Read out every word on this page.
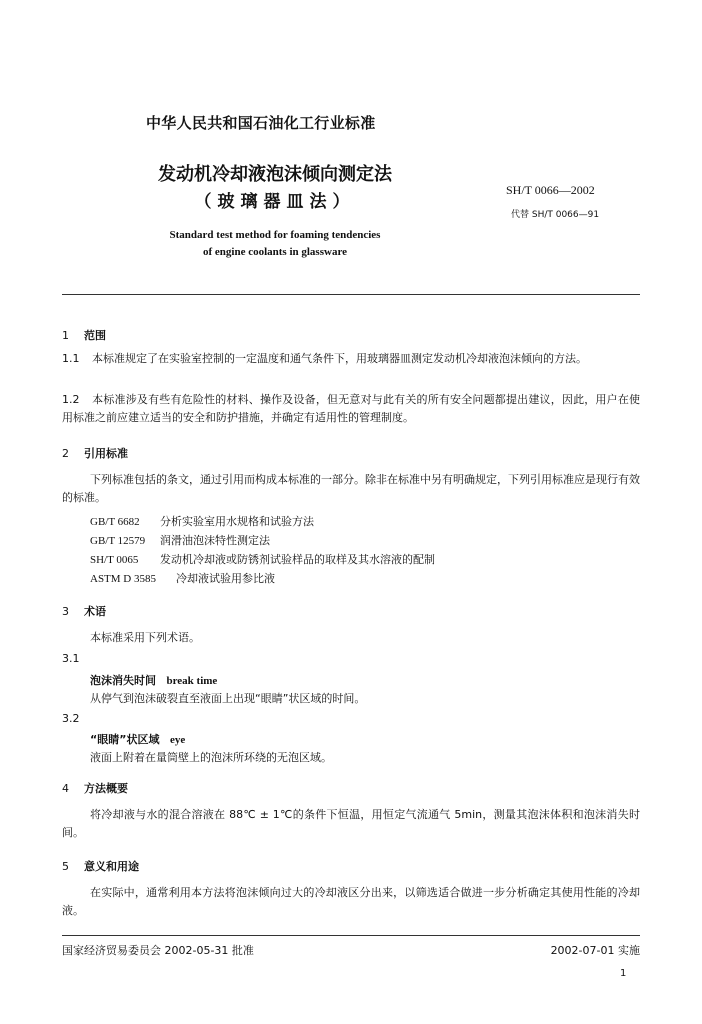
中华人民共和国石油化工行业标准
发动机冷却液泡沫倾向测定法
（玻璃器皿法）
SH/T 0066—2002
代替 SH/T 0066—91
Standard test method for foaming tendencies
of engine coolants in glassware
1 范围
1.1 本标准规定了在实验室控制的一定温度和通气条件下，用玻璃器皿测定发动机冷却液泡沫倾向的方法。
1.2 本标准涉及有些有危险性的材料、操作及设备，但无意对与此有关的所有安全问题都提出建议，因此，用户在使用标准之前应建立适当的安全和防护措施，并确定有适用性的管理制度。
2 引用标准
下列标准包括的条文，通过引用而构成本标准的一部分。除非在标准中另有明确规定，下列引用标准应是现行有效的标准。
GB/T 6682 分析实验室用水规格和试验方法
GB/T 12579 润滑油泡沫特性测定法
SH/T 0065 发动机冷却液或防锈剂试验样品的取样及其水溶液的配制
ASTM D 3585 冷却液试验用参比液
3 术语
本标准采用下列术语。
3.1
泡沫消失时间 break time
从停气到泡沫破裂直至液面上出现“眼睛”状区域的时间。
3.2
“眼睛”状区域 eye
液面上附着在量筒壁上的泡沫所环绕的无泡区域。
4 方法概要
将冷却液与水的混合溶液在 88℃ ± 1℃的条件下恒温，用恒定气流通气 5min，测量其泡沫体积和泡沫消失时间。
5 意义和用途
在实际中，通常利用本方法将泡沫倾向过大的冷却液区分出来，以筛选适合做进一步分析确定其使用性能的冷却液。
国家经济贸易委员会 2002-05-31 批准	2002-07-01 实施
1
